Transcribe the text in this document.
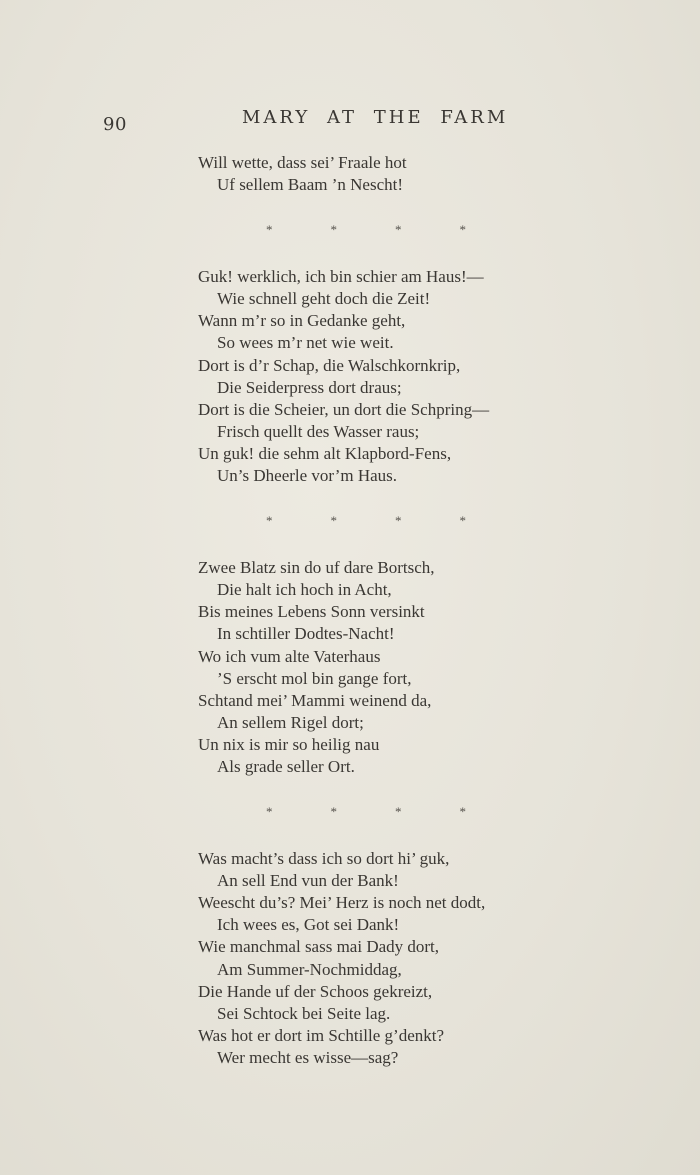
90	MARY AT THE FARM
Will wette, dass sei’ Fraale hot
Uf sellem Baam ’n Nescht!
*	*	*	*
Guk! werklich, ich bin schier am Haus!—
Wie schnell geht doch die Zeit!
Wann m’r so in Gedanke geht,
So wees m’r net wie weit.
Dort is d’r Schap, die Walschkornkrip,
Die Seiderpress dort draus;
Dort is die Scheier, un dort die Schpring—
Frisch quellt des Wasser raus;
Un guk! die sehm alt Klapbord-Fens,
Un’s Dheerle vor’m Haus.
*	*	*	*
Zwee Blatz sin do uf dare Bortsch,
Die halt ich hoch in Acht,
Bis meines Lebens Sonn versinkt
In schtiller Dodtes-Nacht!
Wo ich vum alte Vaterhaus
’S erscht mol bin gange fort,
Schtand mei’ Mammi weinend da,
An sellem Rigel dort;
Un nix is mir so heilig nau
Als grade seller Ort.
*	*	*	*
Was macht’s dass ich so dort hi’ guk,
An sell End vun der Bank!
Weescht du’s? Mei’ Herz is noch net dodt,
Ich wees es, Got sei Dank!
Wie manchmal sass mai Dady dort,
Am Summer-Nochmiddag,
Die Hande uf der Schoos gekreizt,
Sei Schtock bei Seite lag.
Was hot er dort im Schtille g’denkt?
Wer mecht es wisse—sag?
